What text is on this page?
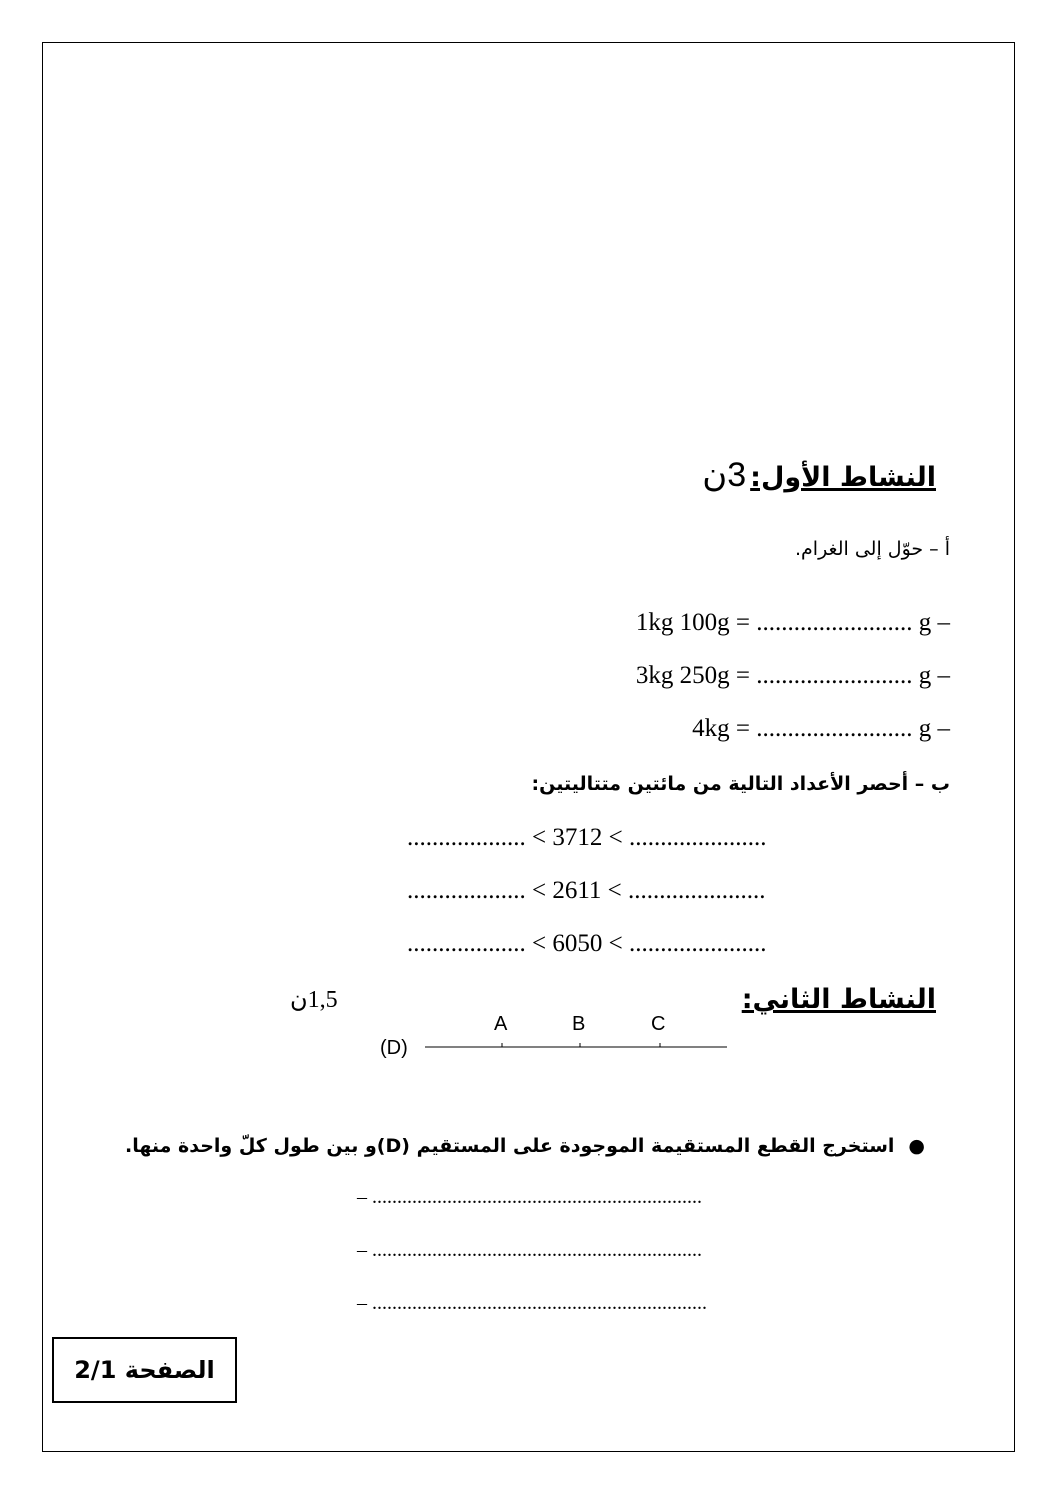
النشاط الأول: 3ن
أ – حوّل إلى الغرام.
1kg 100g = ......................... g –
3kg 250g = ......................... g –
4kg = ......................... g –
ب – أحصر الأعداد التالية من مائتين متتاليتين:
................... < 3712 < ......................
................... < 2611 < ......................
................... < 6050 < ......................
النشاط الثاني:
1,5ن
(D)
A	B	C
●استخرج القطع المستقيمة الموجودة على المستقيم (D)و بين طول كلّ واحدة منها.
– ..................................................................
– ..................................................................
– ...................................................................
الصفحة 2/1
